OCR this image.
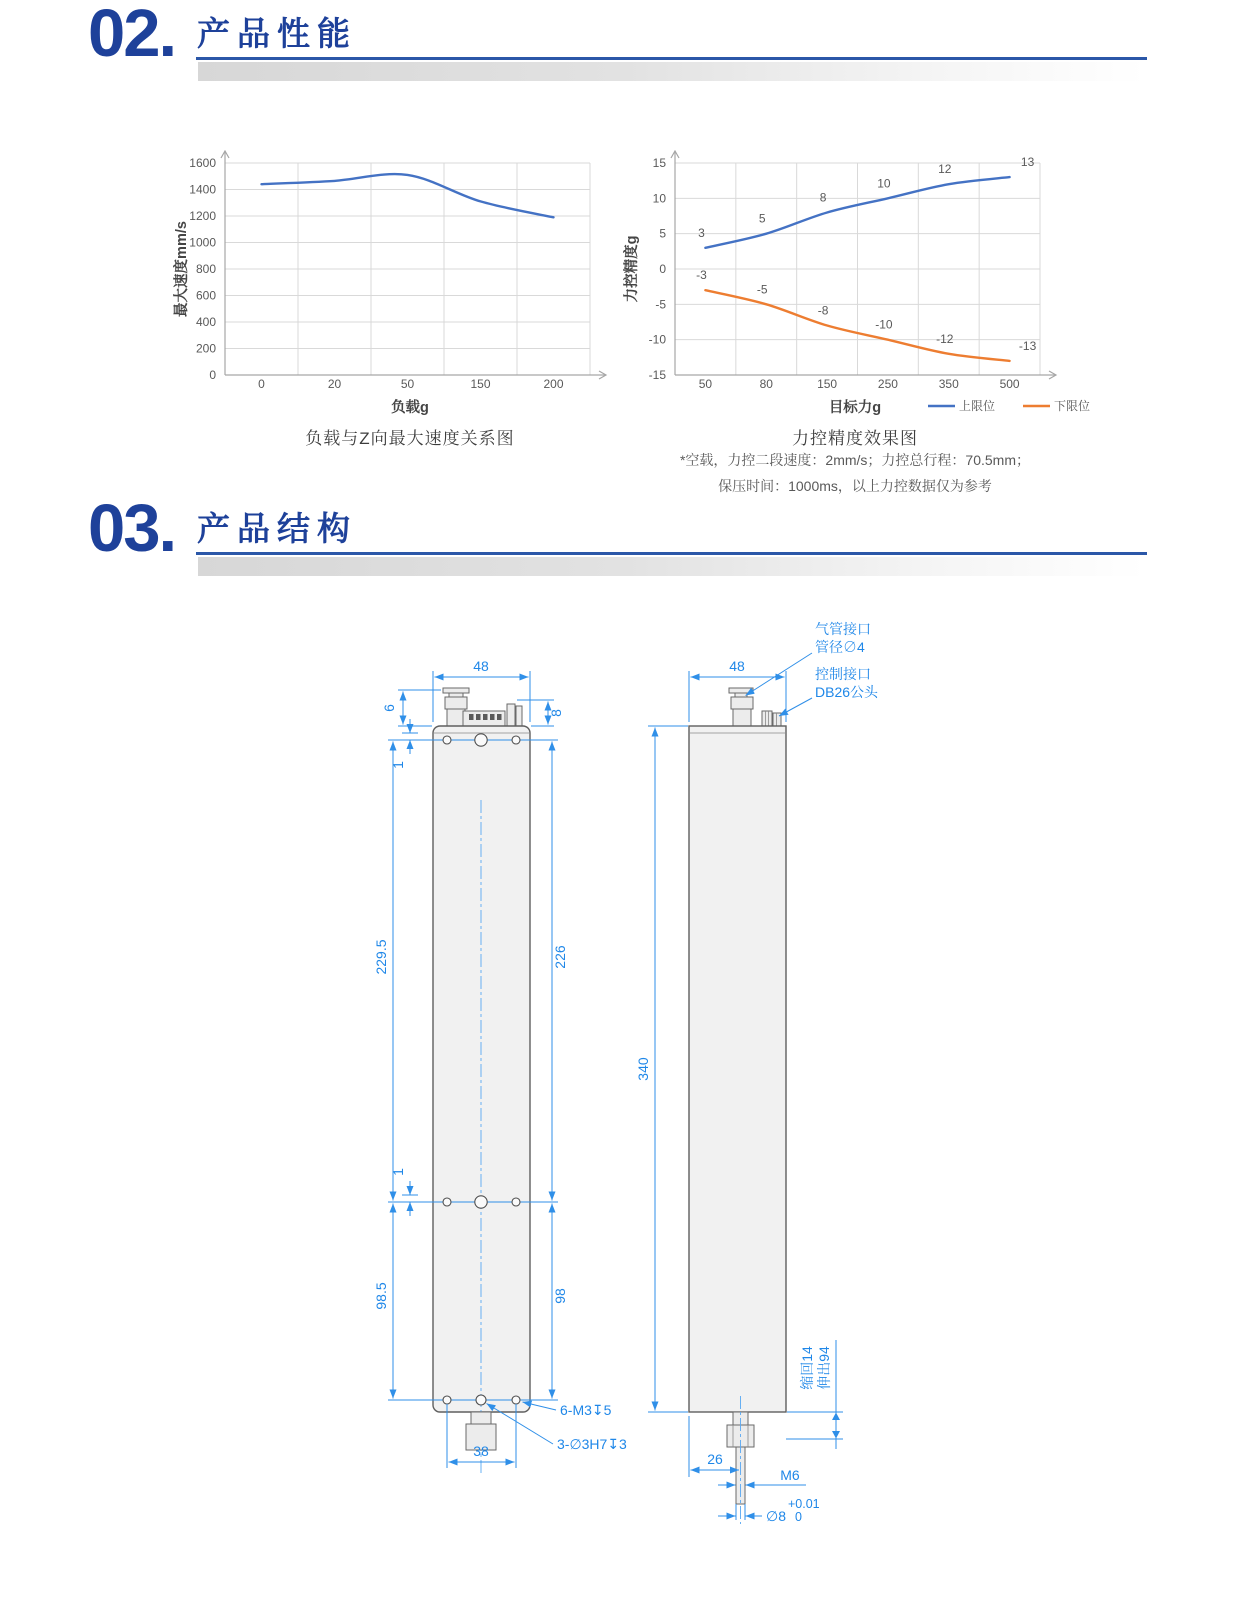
02. 产品性能
0
200
400
600
800
1000
1200
1400
1600
0	20	50	150	200
负载g
最大速度mm/s
-15
-10
-5
0
5
10
15
50	80	150	250	350	500
目标力g
力控精度g
3
5
8
10
12
13
-3
-5
-8
-10
-12
-13
上限位	下限位
负载与Z向最大速度关系图	力控精度效果图
*空载，力控二段速度：2mm/s；力控总行程：70.5mm；
保压时间：1000ms，以上力控数据仅为参考
03. 产品结构
48
6
8
1
229.5	226
1
98.5	98
38
6-M3↧5
3-∅3H7↧3
48
气管接口
管径∅4
控制接口
DB26公头
340
26
M6
∅8
+0.01
0
缩回14 伸出94
